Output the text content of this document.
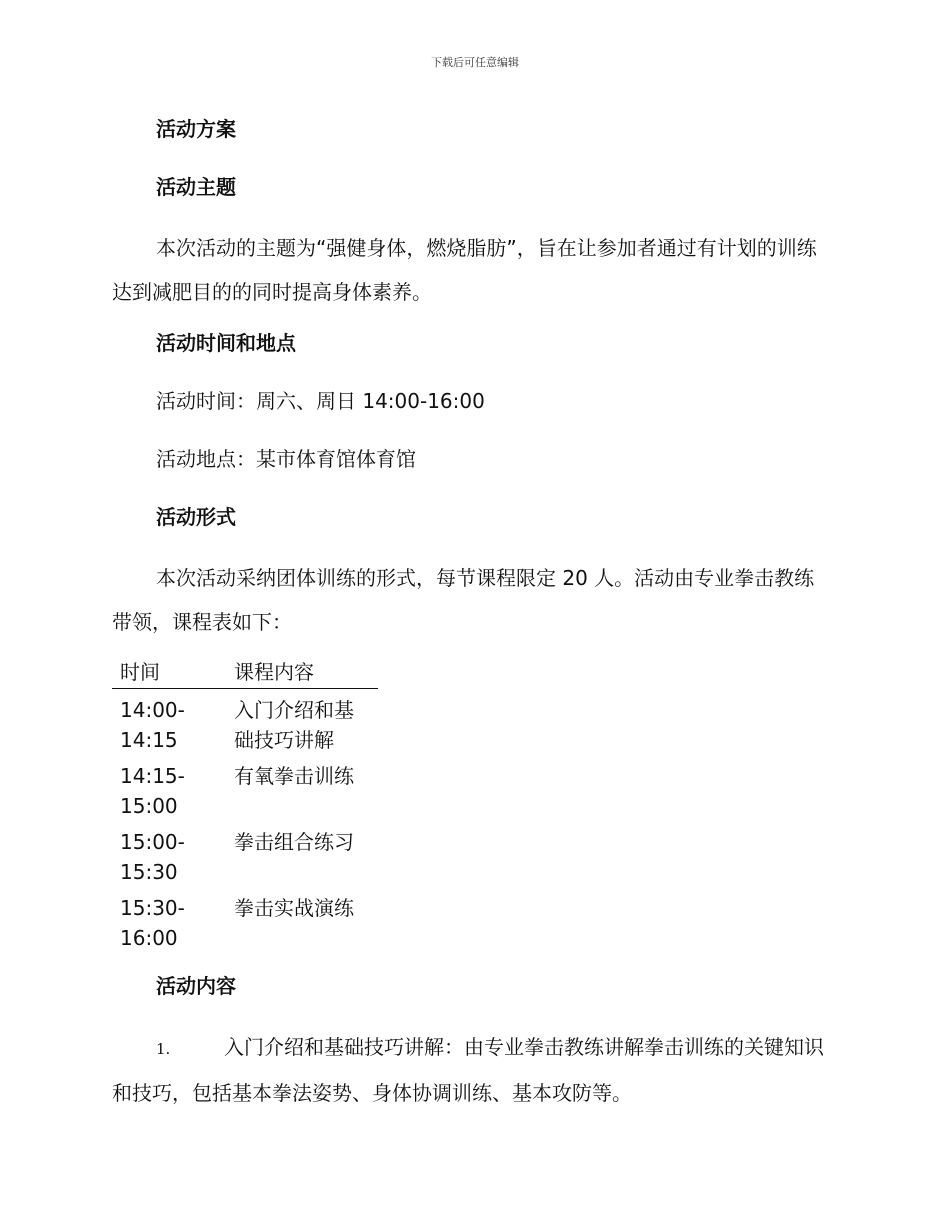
下载后可任意编辑

活动方案

活动主题

本次活动的主题为“强健身体，燃烧脂肪”，旨在让参加者通过有计划的训练达到减肥目的的同时提高身体素养。

活动时间和地点

活动时间：周六、周日 14:00-16:00

活动地点：某市体育馆体育馆

活动形式

本次活动采纳团体训练的形式，每节课程限定 20 人。活动由专业拳击教练带领，课程表如下：

时间	课程内容
14:00-14:15	入门介绍和基础技巧讲解
14:15-15:00	有氧拳击训练
15:00-15:30	拳击组合练习
15:30-16:00	拳击实战演练

活动内容

1.	入门介绍和基础技巧讲解：由专业拳击教练讲解拳击训练的关键知识和技巧，包括基本拳法姿势、身体协调训练、基本攻防等。
